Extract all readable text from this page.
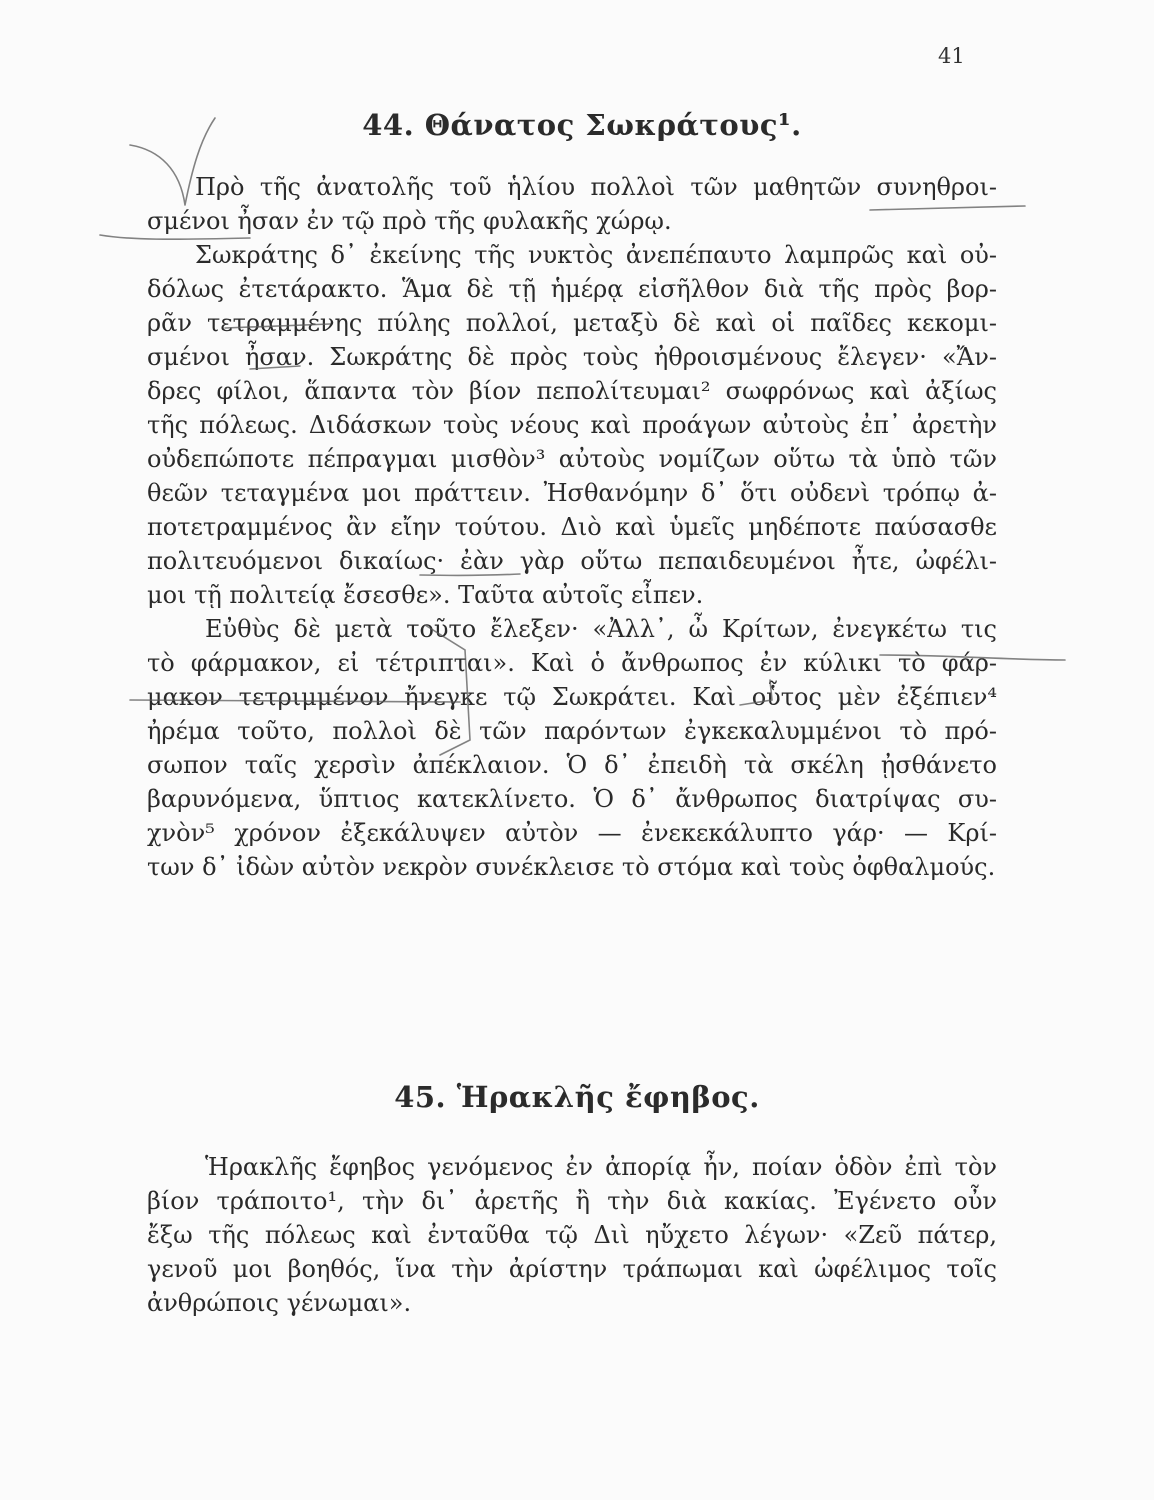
41
44. Θάνατος Σωκράτους¹.
Πρὸ τῆς ἀνατολῆς τοῦ ἡλίου πολλοὶ τῶν μαθητῶν συνηθροι-
σμένοι ἦσαν ἐν τῷ πρὸ τῆς φυλακῆς χώρῳ.
Σωκράτης δ᾽ ἐκείνης τῆς νυκτὸς ἀνεπέπαυτο λαμπρῶς καὶ οὐ-
δόλως ἐτετάρακτο. Ἅμα δὲ τῇ ἡμέρᾳ εἰσῆλθον διὰ τῆς πρὸς βορ-
ρᾶν τετραμμένης πύλης πολλοί, μεταξὺ δὲ καὶ οἱ παῖδες κεκομι-
σμένοι ἦσαν. Σωκράτης δὲ πρὸς τοὺς ἠθροισμένους ἔλεγεν· «Ἄν-
δρες φίλοι, ἅπαντα τὸν βίον πεπολίτευμαι² σωφρόνως καὶ ἀξίως
τῆς πόλεως. Διδάσκων τοὺς νέους καὶ προάγων αὐτοὺς ἐπ᾽ ἀρετὴν
οὐδεπώποτε πέπραγμαι μισθὸν³ αὐτοὺς νομίζων οὕτω τὰ ὑπὸ τῶν
θεῶν τεταγμένα μοι πράττειν. Ἠσθανόμην δ᾽ ὅτι οὐδενὶ τρόπῳ ἀ-
ποτετραμμένος ἂν εἴην τούτου. Διὸ καὶ ὑμεῖς μηδέποτε παύσασθε
πολιτευόμενοι δικαίως· ἐὰν γὰρ οὕτω πεπαιδευμένοι ἦτε, ὠφέλι-
μοι τῇ πολιτείᾳ ἔσεσθε». Ταῦτα αὐτοῖς εἶπεν.
Εὐθὺς δὲ μετὰ τοῦτο ἔλεξεν· «Ἀλλ᾽, ὦ Κρίτων, ἐνεγκέτω τις
τὸ φάρμακον, εἰ τέτριπται». Καὶ ὁ ἄνθρωπος ἐν κύλικι τὸ φάρ-
μακον τετριμμένον ἤνεγκε τῷ Σωκράτει. Καὶ οὗτος μὲν ἐξέπιεν⁴
ἠρέμα τοῦτο, πολλοὶ δὲ τῶν παρόντων ἐγκεκαλυμμένοι τὸ πρό-
σωπον ταῖς χερσὶν ἀπέκλαιον. Ὁ δ᾽ ἐπειδὴ τὰ σκέλη ᾐσθάνετο
βαρυνόμενα, ὕπτιος κατεκλίνετο. Ὁ δ᾽ ἄνθρωπος διατρίψας συ-
χνὸν⁵ χρόνον ἐξεκάλυψεν αὐτὸν — ἐνεκεκάλυπτο γάρ· — Κρί-
των δ᾽ ἰδὼν αὐτὸν νεκρὸν συνέκλεισε τὸ στόμα καὶ τοὺς ὀφθαλμούς.
45. Ἡρακλῆς ἔφηβος.
Ἡρακλῆς ἔφηβος γενόμενος ἐν ἀπορίᾳ ἦν, ποίαν ὁδὸν ἐπὶ τὸν
βίον τράποιτο¹, τὴν δι᾽ ἀρετῆς ἢ τὴν διὰ κακίας. Ἐγένετο οὖν
ἔξω τῆς πόλεως καὶ ἐνταῦθα τῷ Διὶ ηὔχετο λέγων· «Ζεῦ πάτερ,
γενοῦ μοι βοηθός, ἵνα τὴν ἀρίστην τράπωμαι καὶ ὠφέλιμος τοῖς
ἀνθρώποις γένωμαι».
